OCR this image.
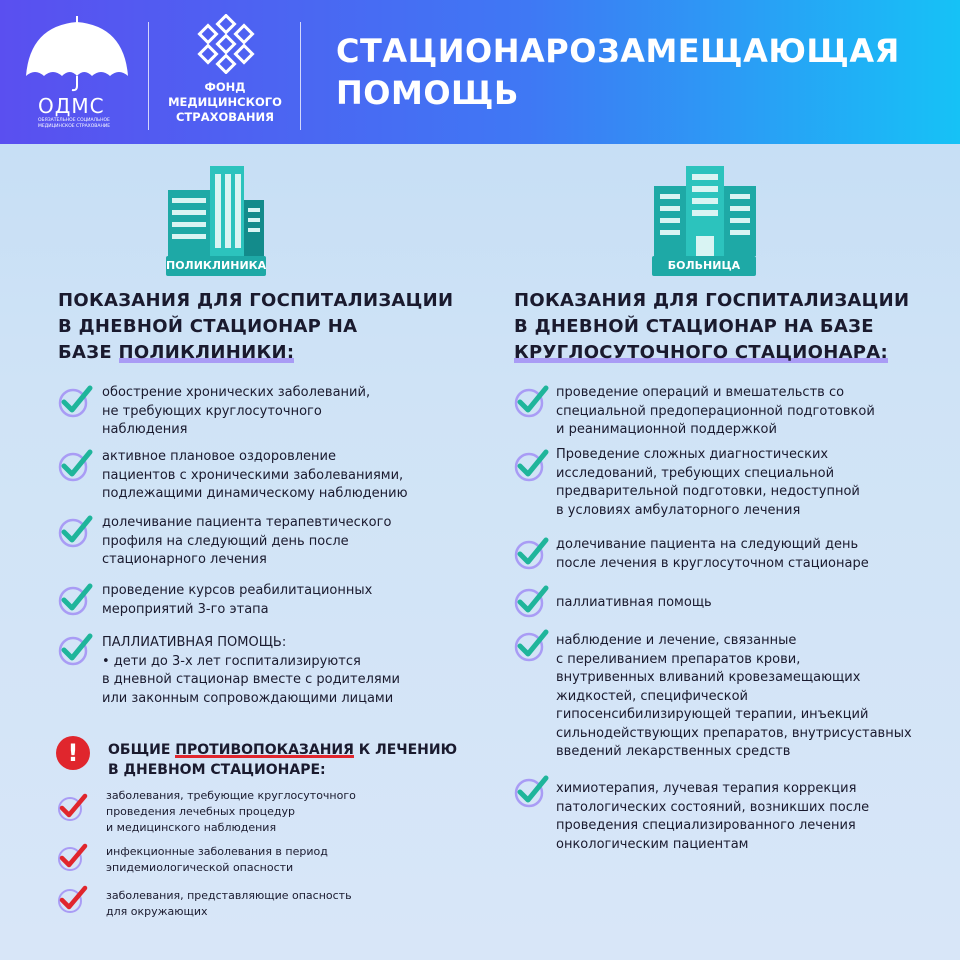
ОДМС
ОБЯЗАТЕЛЬНОЕ СОЦИАЛЬНОЕ МЕДИЦИНСКОЕ СТРАХОВАНИЕ
ФОНД
МЕДИЦИНСКОГО
СТРАХОВАНИЯ
СТАЦИОНАРОЗАМЕЩАЮЩАЯ
ПОМОЩЬ
ПОЛИКЛИНИКА	БОЛЬНИЦА
ПОКАЗАНИЯ ДЛЯ ГОСПИТАЛИЗАЦИИ
В ДНЕВНОЙ СТАЦИОНАР НА
БАЗЕ ПОЛИКЛИНИКИ:
ПОКАЗАНИЯ ДЛЯ ГОСПИТАЛИЗАЦИИ
В ДНЕВНОЙ СТАЦИОНАР НА БАЗЕ
КРУГЛОСУТОЧНОГО СТАЦИОНАРА:
обострение хронических заболеваний,
не требующих круглосуточного
наблюдения
активное плановое оздоровление
пациентов с хроническими заболеваниями,
подлежащими динамическому наблюдению
долечивание пациента терапевтического
профиля на следующий день после
стационарного лечения
проведение курсов реабилитационных
мероприятий 3-го этапа
ПАЛЛИАТИВНАЯ ПОМОЩЬ:
• дети до 3-х лет госпитализируются
в дневной стационар вместе с родителями
или законным сопровождающими лицами
проведение операций и вмешательств со
специальной предоперационной подготовкой
и реанимационной поддержкой
Проведение сложных диагностических
исследований, требующих специальной
предварительной подготовки, недоступной
в условиях амбулаторного лечения
долечивание пациента на следующий день
после лечения в круглосуточном стационаре
паллиативная помощь
наблюдение и лечение, связанные
с переливанием препаратов крови,
внутривенных вливаний кровезамещающих
жидкостей, специфической
гипосенсибилизирующей терапии, инъекций
сильнодействующих препаратов, внутрисуставных
введений лекарственных средств
химиотерапия, лучевая терапия коррекция
патологических состояний, возникших после
проведения специализированного лечения
онкологическим пациентам
!	ОБЩИЕ ПРОТИВОПОКАЗАНИЯ К ЛЕЧЕНИЮ
В ДНЕВНОМ СТАЦИОНАРЕ:
заболевания, требующие круглосуточного
проведения лечебных процедур
и медицинского наблюдения
инфекционные заболевания в период
эпидемиологической опасности
заболевания, представляющие опасность
для окружающих
